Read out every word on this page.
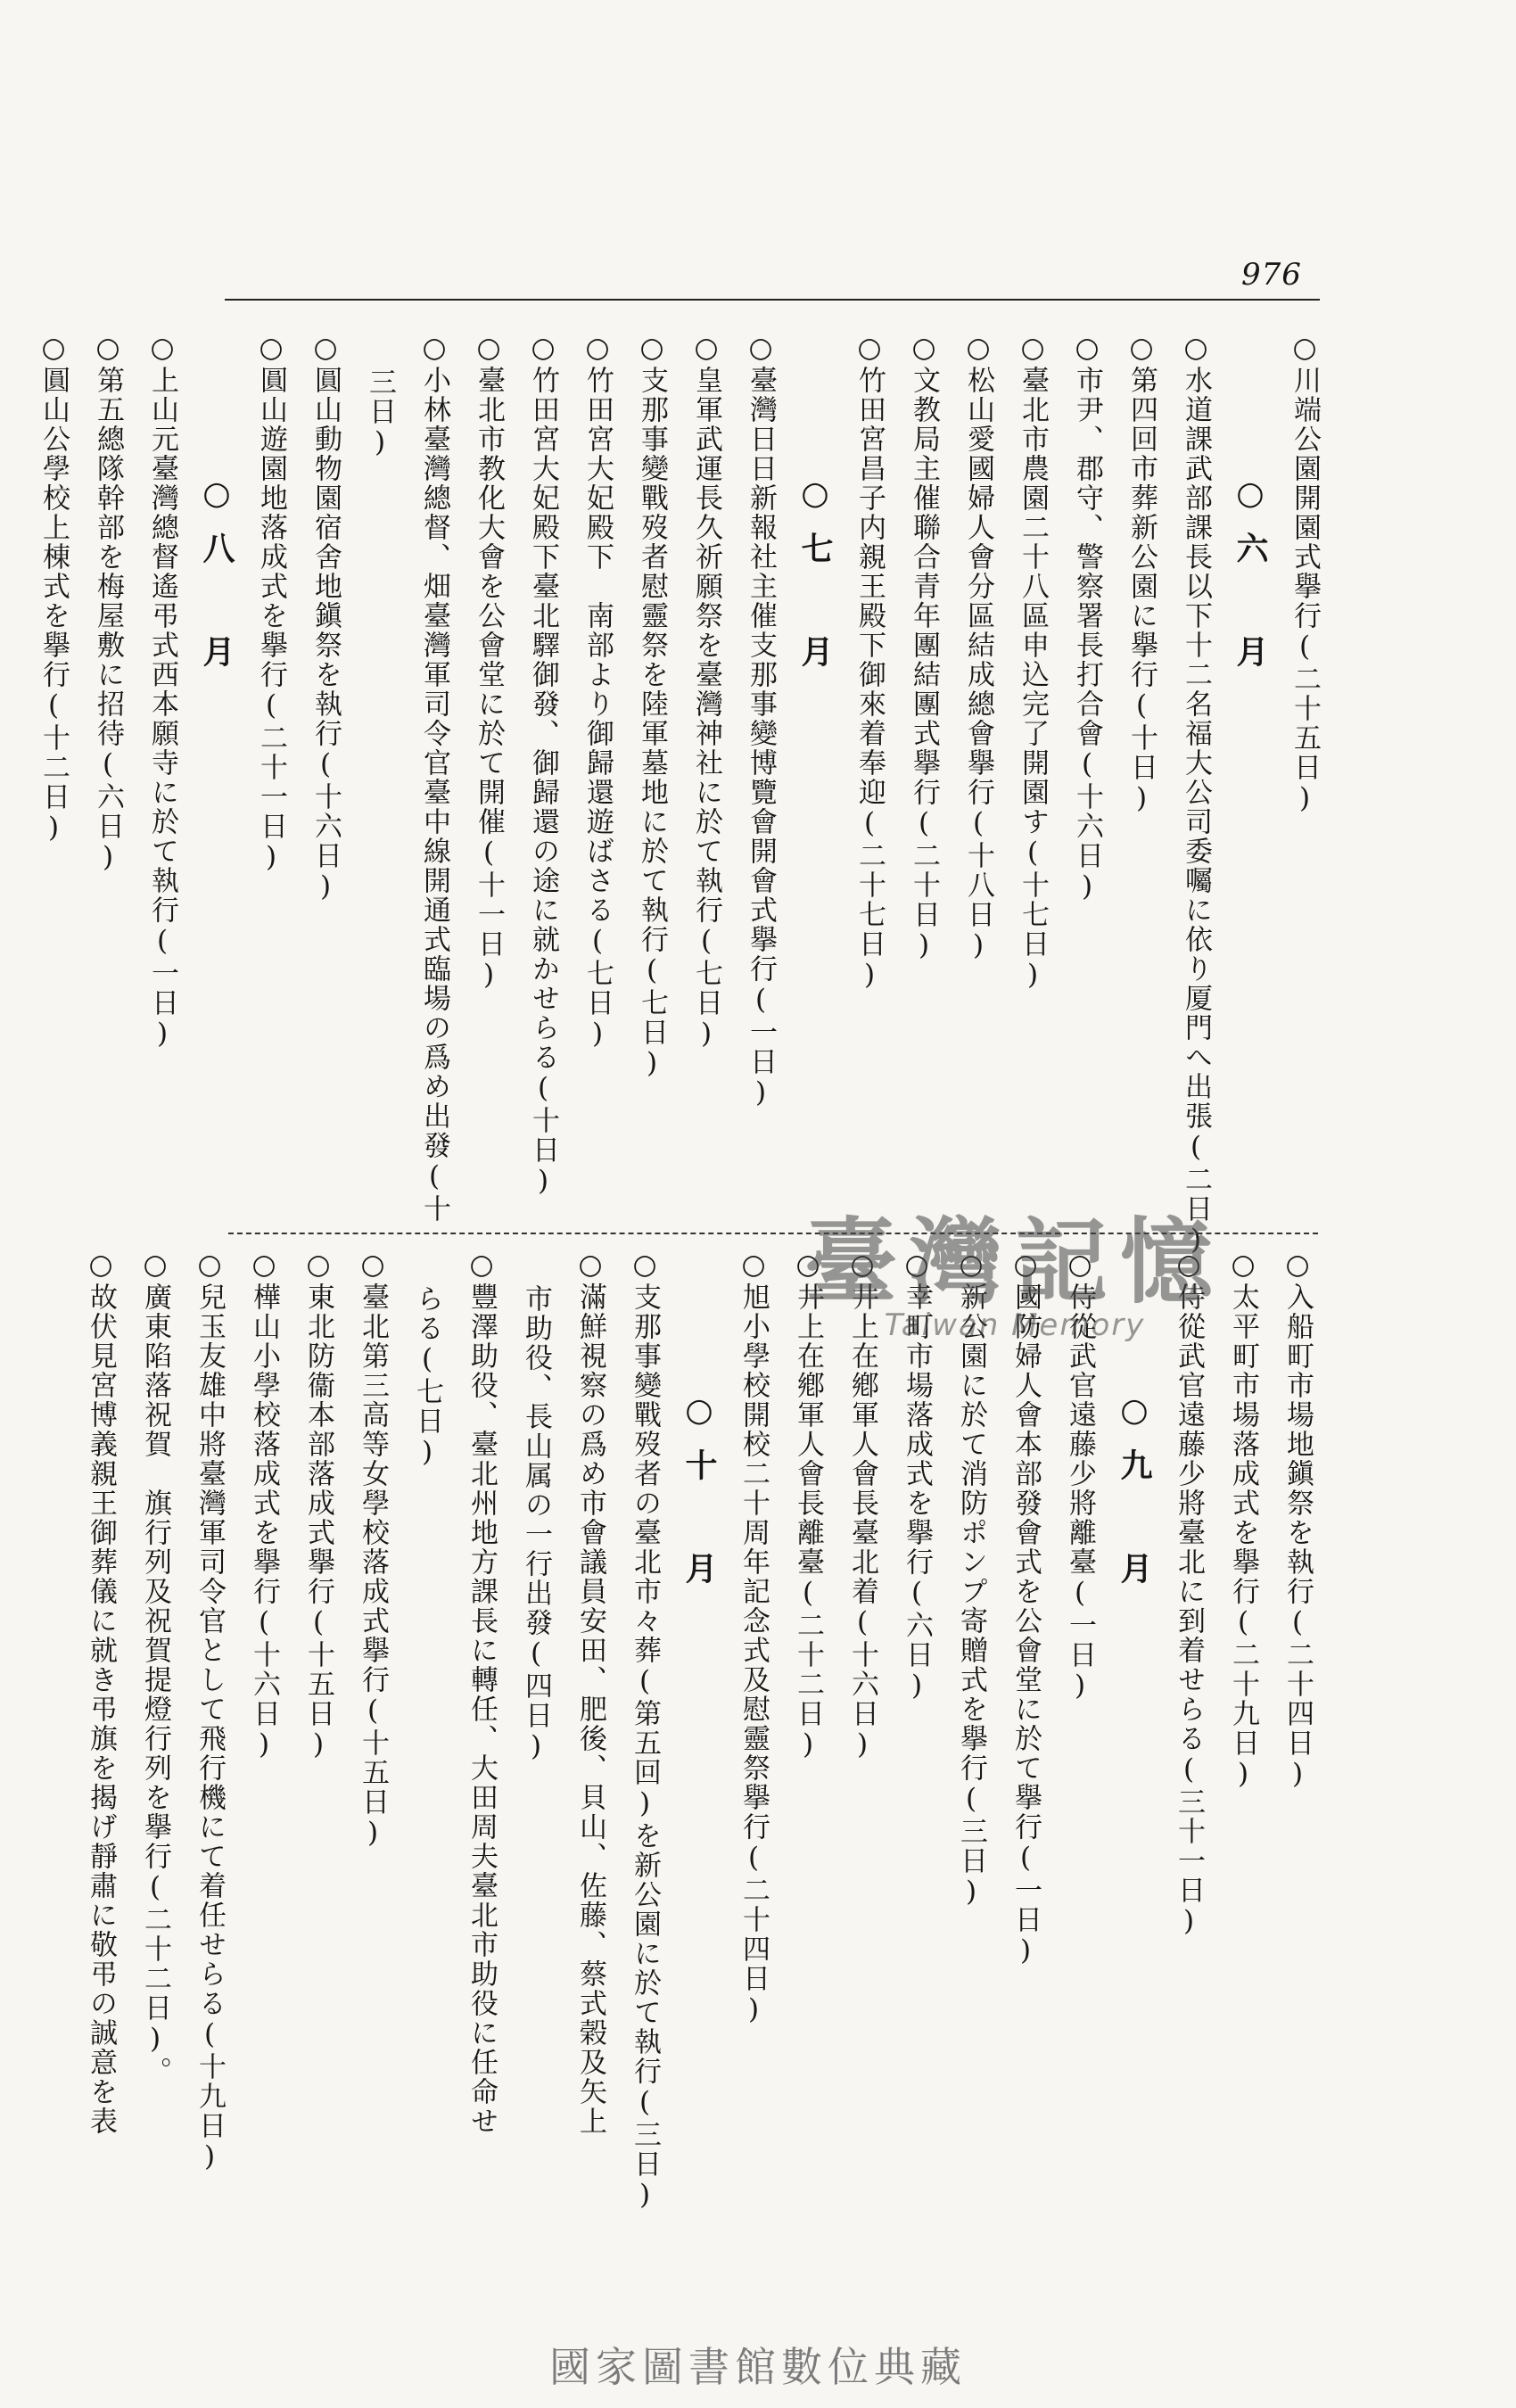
976
○川端公園開園式擧行(二十五日)
○六　月
○水道課武部課長以下十二名福大公司委囑に依り厦門へ出張(二日)
○第四回市葬新公園に擧行(十日)
○市尹、郡守、警察署長打合會(十六日)
○臺北市農園二十八區申込完了開園す(十七日)
○松山愛國婦人會分區結成總會擧行(十八日)
○文教局主催聯合青年團結團式擧行(二十日)
○竹田宮昌子内親王殿下御來着奉迎(二十七日)
○七　月
○臺灣日日新報社主催支那事變博覽會開會式擧行(一日)
○皇軍武運長久祈願祭を臺灣神社に於て執行(七日)
○支那事變戰歿者慰靈祭を陸軍墓地に於て執行(七日)
○竹田宮大妃殿下　南部より御歸還遊ばさる(七日)
○竹田宮大妃殿下臺北驛御發、御歸還の途に就かせらる(十日)
○臺北市教化大會を公會堂に於て開催(十一日)
○小林臺灣總督、畑臺灣軍司令官臺中線開通式臨場の爲め出發(十
三日)
○圓山動物園宿舍地鎭祭を執行(十六日)
○圓山遊園地落成式を擧行(二十一日)
○八　月
○上山元臺灣總督遙弔式西本願寺に於て執行(一日)
○第五總隊幹部を梅屋敷に招待(六日)
○圓山公學校上棟式を擧行(十二日)
○入船町市場地鎭祭を執行(二十四日)
○太平町市場落成式を擧行(二十九日)
○侍從武官遠藤少將臺北に到着せらる(三十一日)
○九　月
○侍從武官遠藤少將離臺(一日)
○國防婦人會本部發會式を公會堂に於て擧行(一日)
○新公園に於て消防ポンプ寄贈式を擧行(三日)
○幸町市場落成式を擧行(六日)
○井上在鄕軍人會長臺北着(十六日)
○井上在鄕軍人會長離臺(二十二日)
○旭小學校開校二十周年記念式及慰靈祭擧行(二十四日)
○十　月
○支那事變戰歿者の臺北市々葬(第五回)を新公園に於て執行(三日)
○滿鮮視察の爲め市會議員安田、肥後、貝山、佐藤、蔡式榖及矢上
市助役、長山属の一行出發(四日)
○豐澤助役、臺北州地方課長に轉任、大田周夫臺北市助役に任命せ
らる(七日)
○臺北第三高等女學校落成式擧行(十五日)
○東北防衞本部落成式擧行(十五日)
○樺山小學校落成式を擧行(十六日)
○兒玉友雄中將臺灣軍司令官として飛行機にて着任せらる(十九日)
○廣東陷落祝賀　旗行列及祝賀提燈行列を擧行(二十二日)。
○故伏見宮博義親王御葬儀に就き弔旗を揭げ靜肅に敬弔の誠意を表	臺灣記憶
Taiwan Memory
國家圖書館數位典藏
